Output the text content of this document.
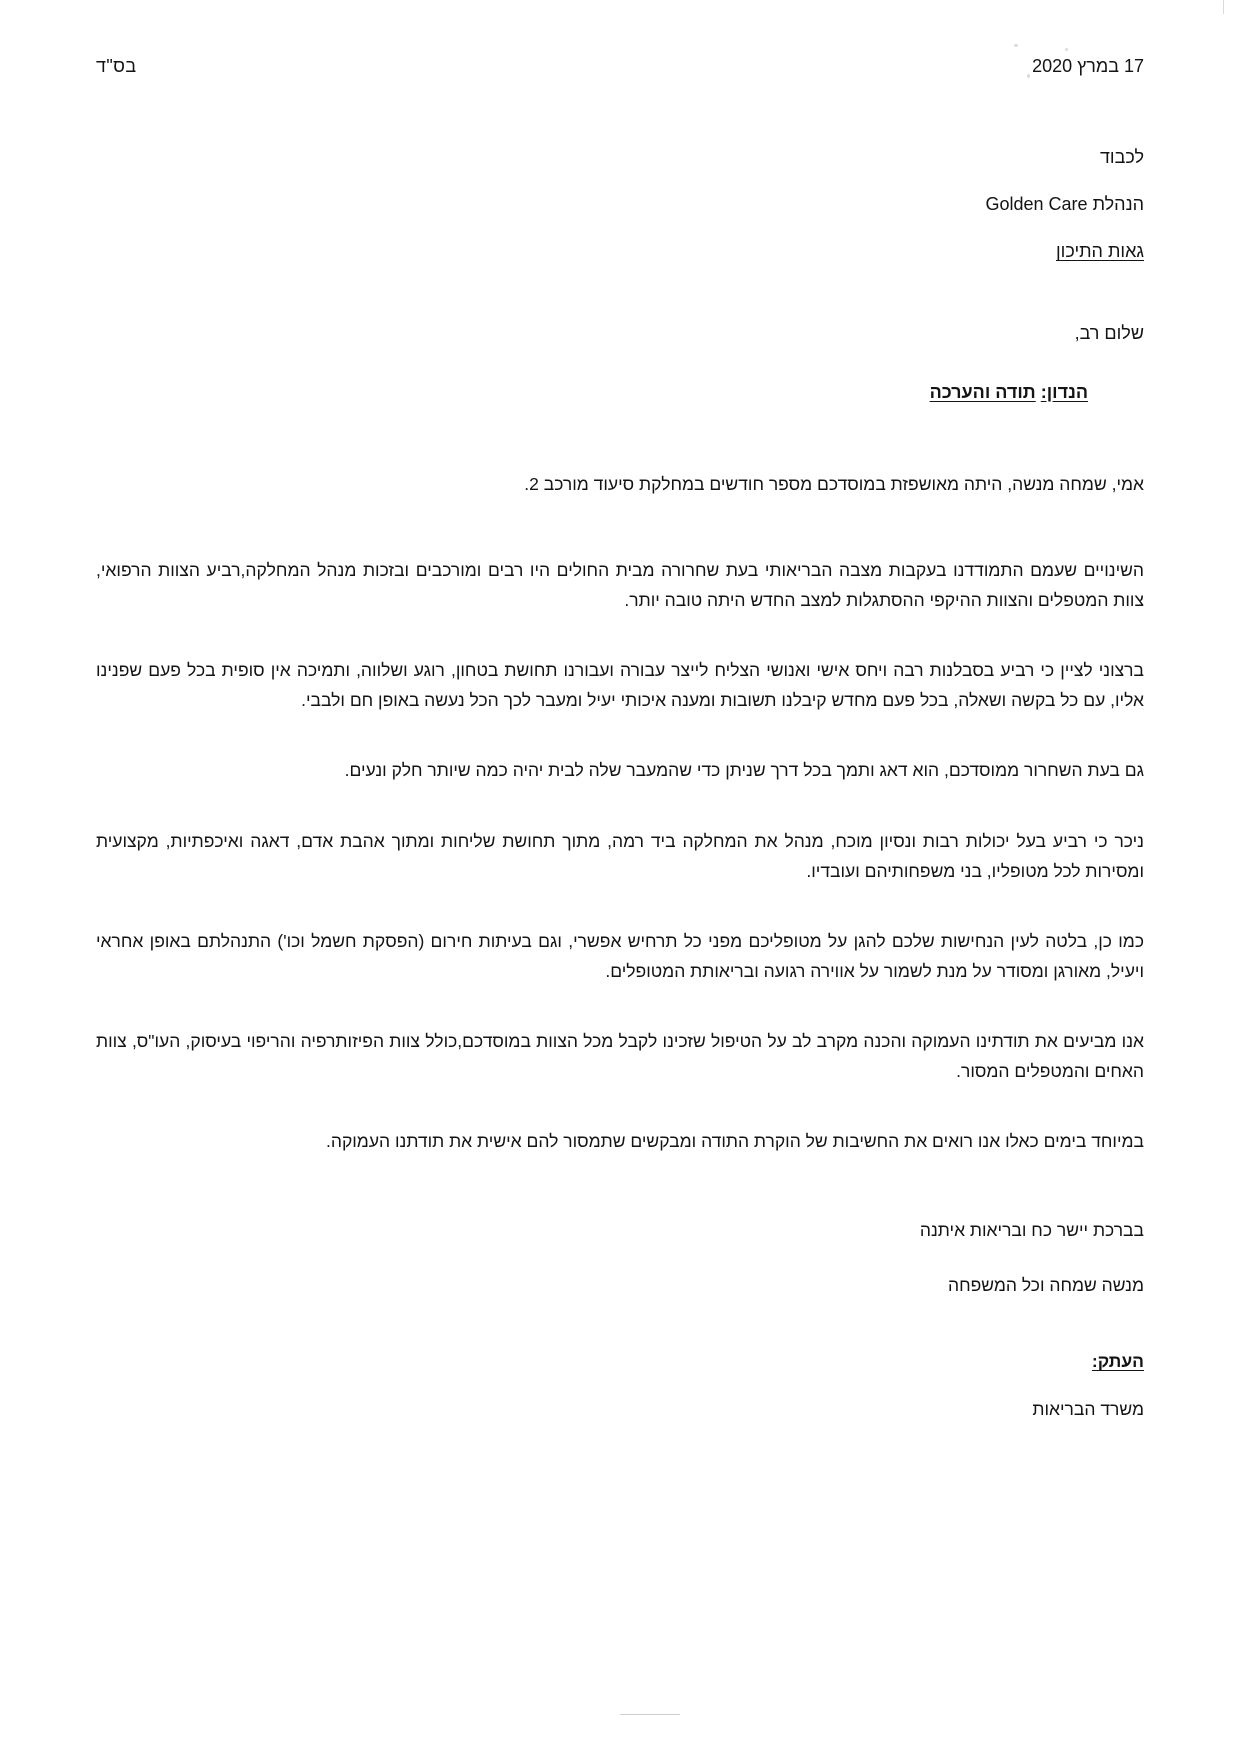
בס"ד	17 במרץ 2020

לכבוד

הנהלת Golden Care

גאות התיכון

שלום רב,

הנדון: תודה והערכה

אמי, שמחה מנשה, היתה מאושפזת במוסדכם מספר חודשים במחלקת סיעוד מורכב 2.

השינויים שעמם התמודדנו בעקבות מצבה הבריאותי בעת שחרורה מבית החולים היו רבים ומורכבים ובזכות מנהל המחלקה,רביע הצוות הרפואי, צוות המטפלים והצוות ההיקפי ההסתגלות למצב החדש היתה טובה יותר.

ברצוני לציין כי רביע בסבלנות רבה ויחס אישי ואנושי הצליח לייצר עבורה ועבורנו תחושת בטחון, רוגע ושלווה, ותמיכה אין סופית בכל פעם שפנינו אליו, עם כל בקשה ושאלה, בכל פעם מחדש קיבלנו תשובות ומענה איכותי יעיל ומעבר לכך הכל נעשה באופן חם ולבבי.

גם בעת השחרור ממוסדכם, הוא דאג ותמך בכל דרך שניתן כדי שהמעבר שלה לבית יהיה כמה שיותר חלק ונעים.

ניכר כי רביע בעל יכולות רבות ונסיון מוכח, מנהל את המחלקה ביד רמה, מתוך תחושת שליחות ומתוך אהבת אדם, דאגה ואיכפתיות, מקצועית ומסירות לכל מטופליו, בני משפחותיהם ועובדיו.

כמו כן, בלטה לעין הנחישות שלכם להגן על מטופליכם מפני כל תרחיש אפשרי, וגם בעיתות חירום (הפסקת חשמל וכו') התנהלתם באופן אחראי ויעיל, מאורגן ומסודר על מנת לשמור על אווירה רגועה ובריאותת המטופלים.

אנו מביעים את תודתינו העמוקה והכנה מקרב לב על הטיפול שזכינו לקבל מכל הצוות במוסדכם,כולל צוות הפיזותרפיה והריפוי בעיסוק, העו"ס, צוות האחים והמטפלים המסור.

במיוחד בימים כאלו אנו רואים את החשיבות של הוקרת התודה ומבקשים שתמסור להם אישית את תודתנו העמוקה.

בברכת יישר כח ובריאות איתנה

מנשה שמחה וכל המשפחה

העתק:

משרד הבריאות
